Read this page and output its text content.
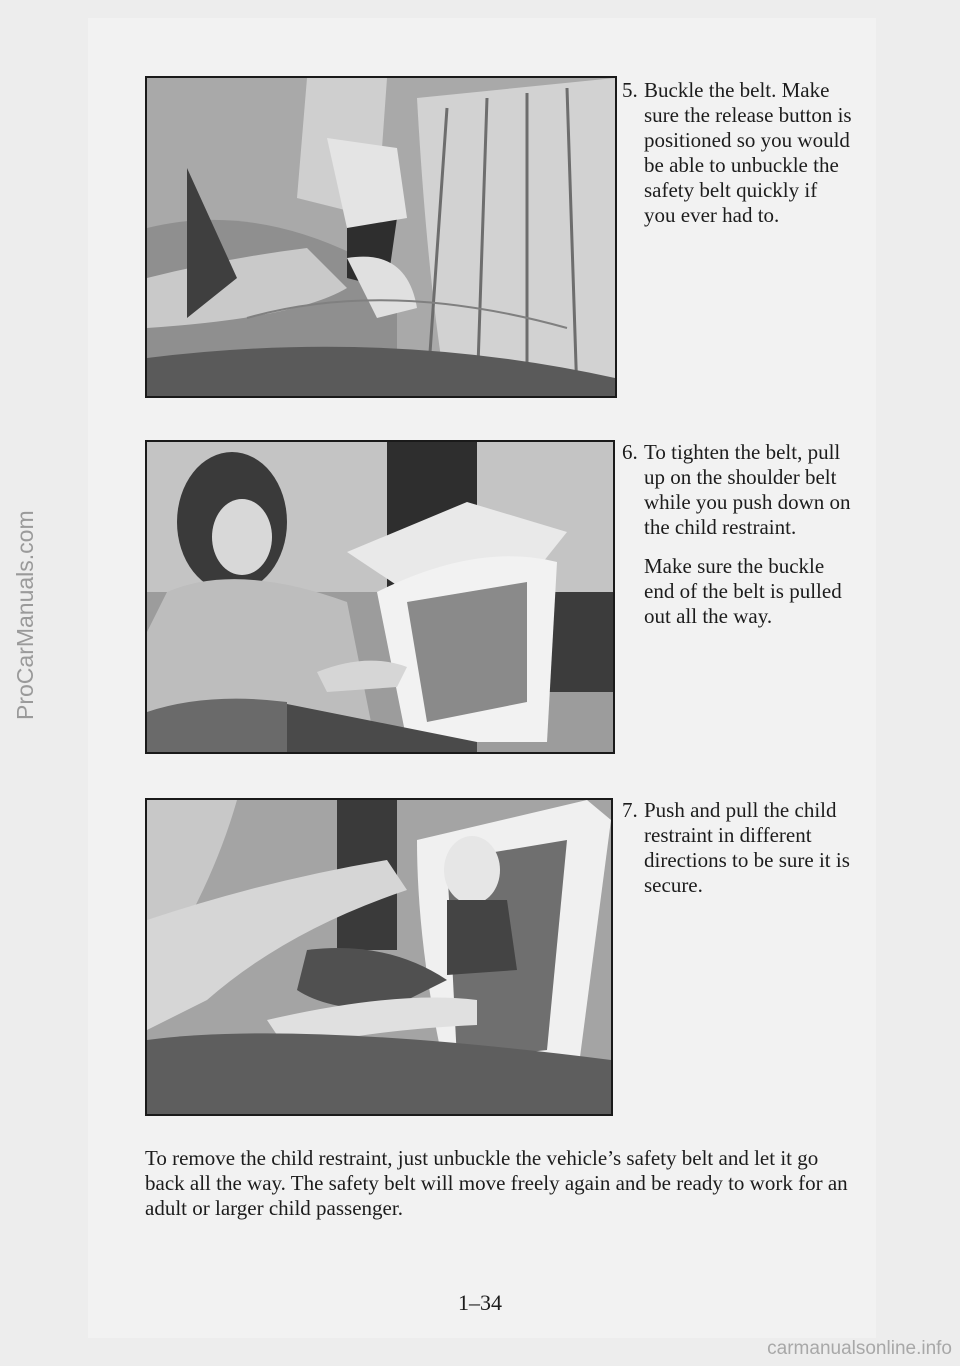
5. Buckle the belt. Make sure the release button is positioned so you would be able to unbuckle the safety belt quickly if you ever had to.

6. To tighten the belt, pull up on the shoulder belt while you push down on the child restraint.

Make sure the buckle end of the belt is pulled out all the way.

7. Push and pull the child restraint in different directions to be sure it is secure.

To remove the child restraint, just unbuckle the vehicle’s safety belt and let it go back all the way. The safety belt will move freely again and be ready to work for an adult or larger child passenger.

1–34
ProCarManuals.com
carmanualsonline.info
